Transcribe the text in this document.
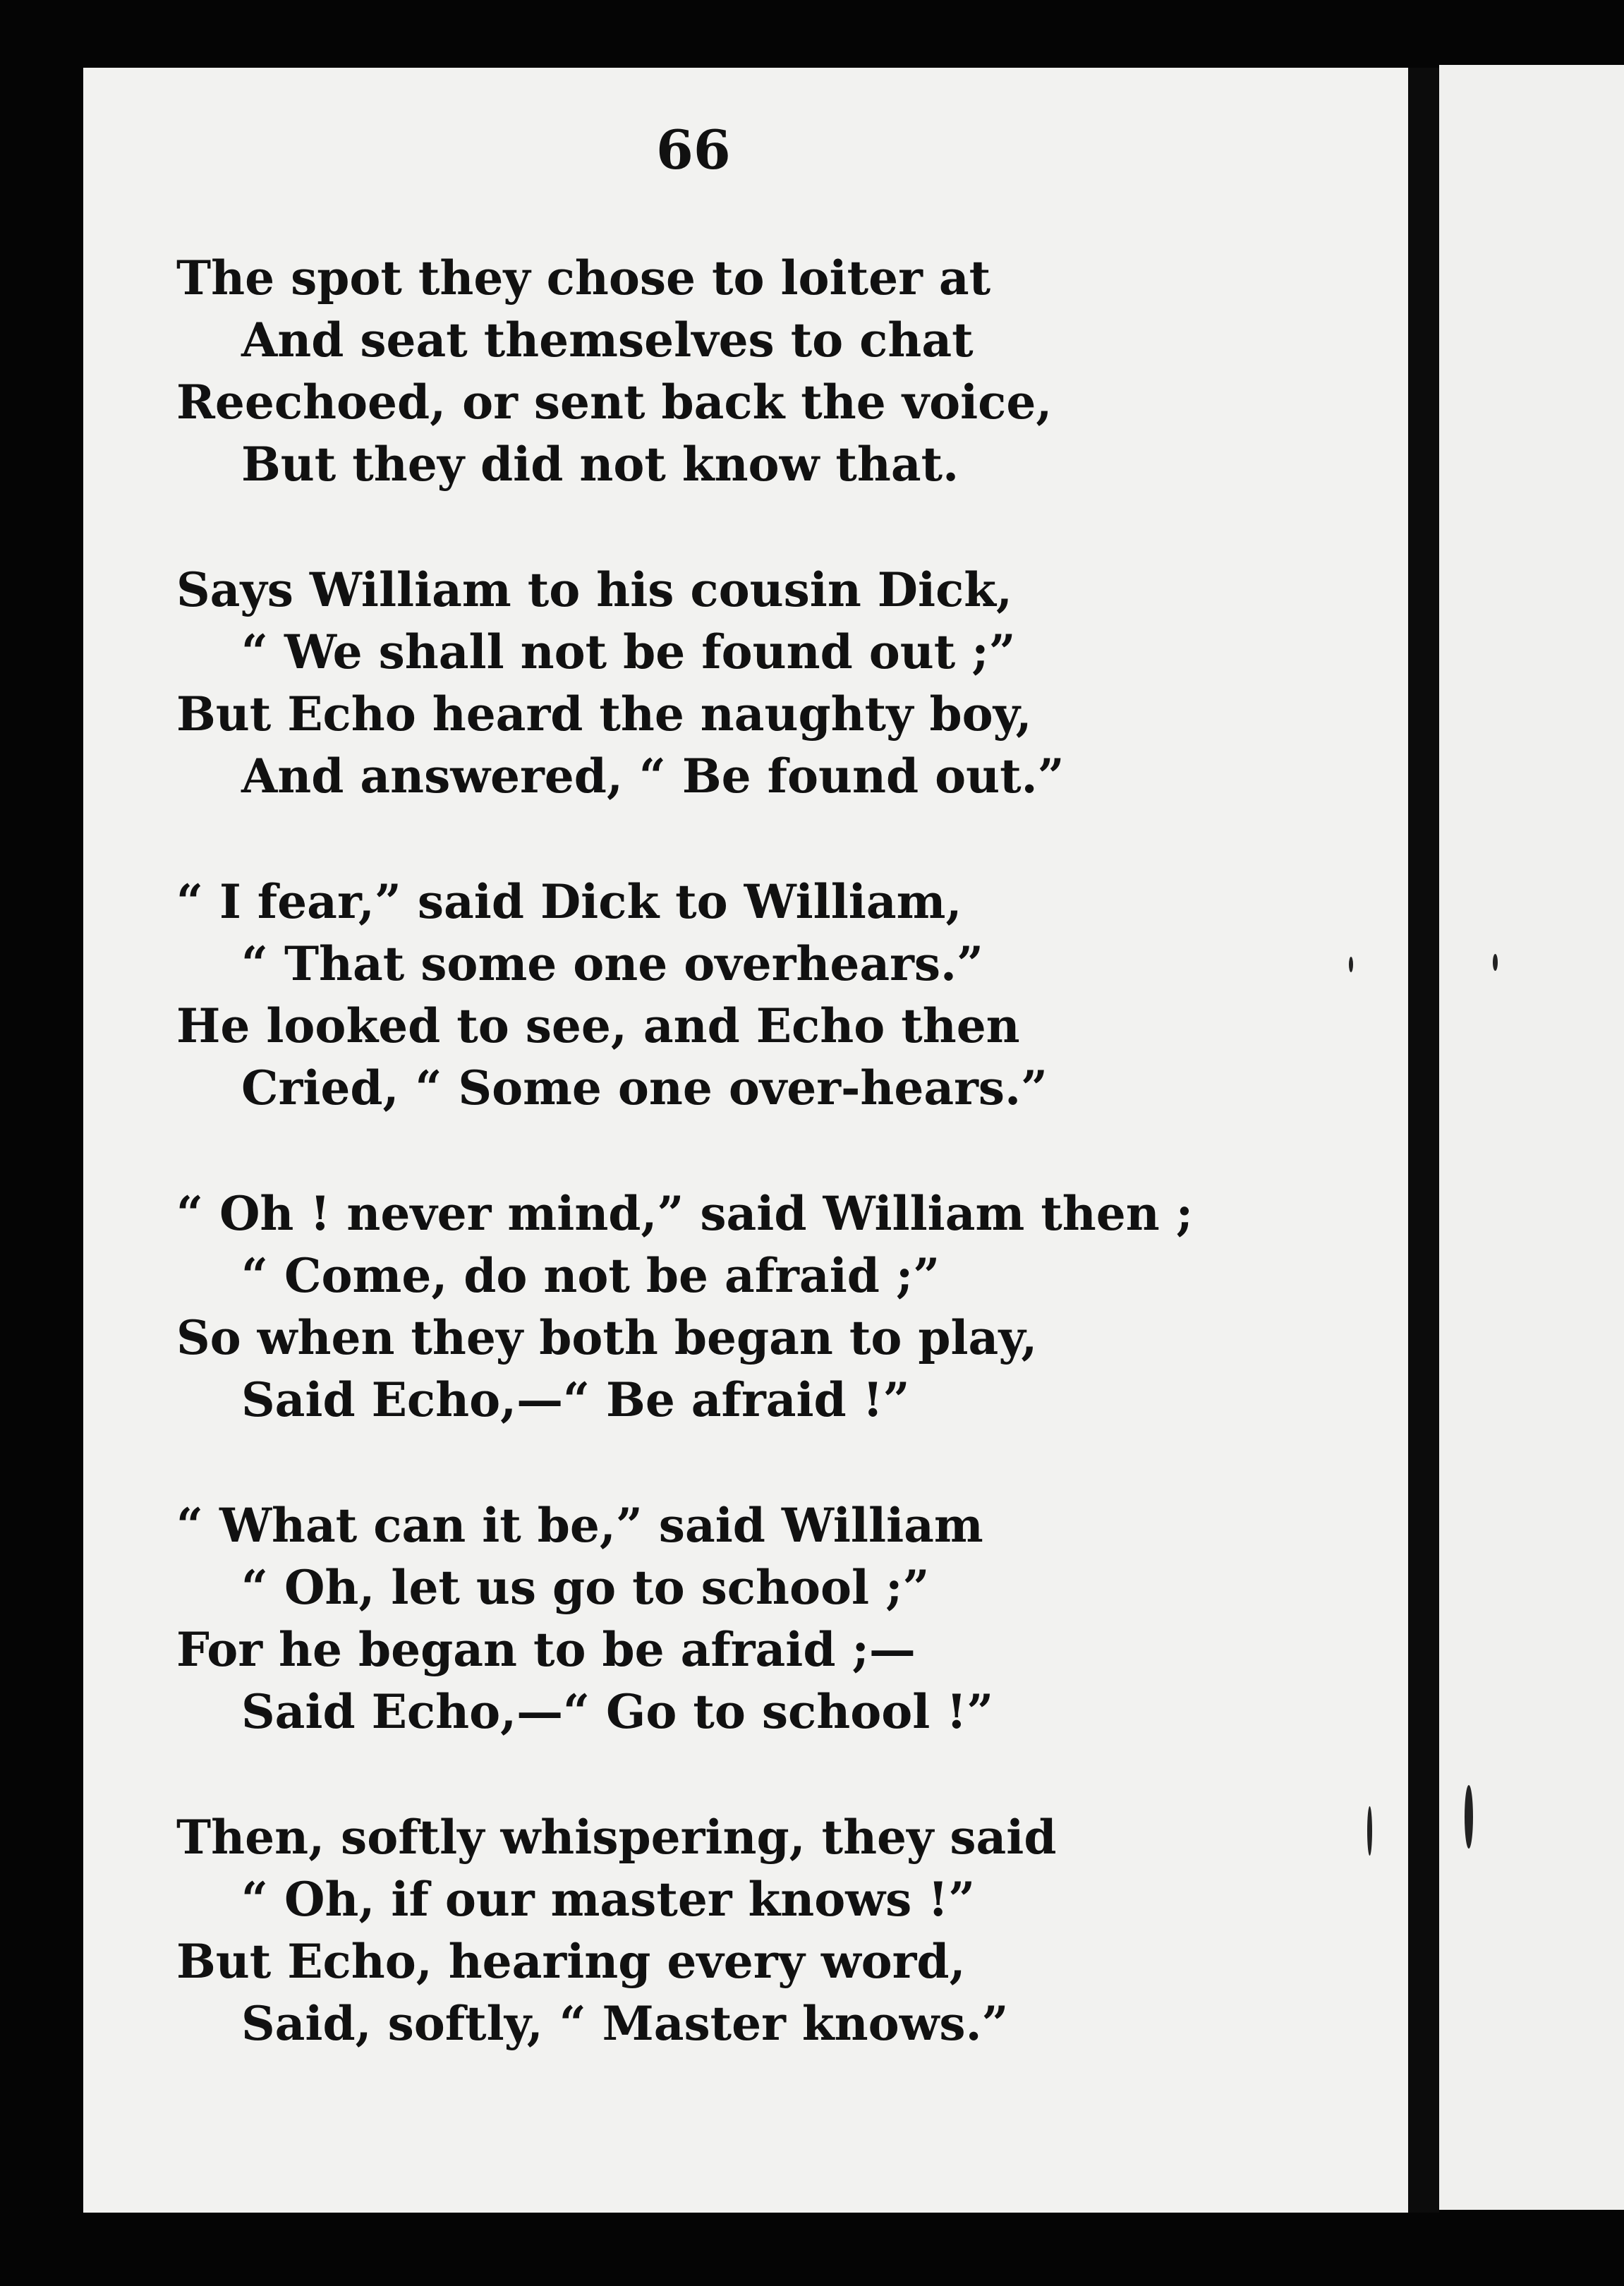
66
The spot they chose to loiter at
And seat themselves to chat
Reechoed, or sent back the voice,
But they did not know that.
Says William to his cousin Dick,
“ We shall not be found out ;”
But Echo heard the naughty boy,
And answered, “ Be found out.”
“ I fear,” said Dick to William,
“ That some one overhears.”
He looked to see, and Echo then
Cried, “ Some one over-hears.”
“ Oh ! never mind,” said William then ;
“ Come, do not be afraid ;”
So when they both began to play,
Said Echo,—“ Be afraid !”
“ What can it be,” said William
“ Oh, let us go to school ;”
For he began to be afraid ;—
Said Echo,—“ Go to school !”
Then, softly whispering, they said
“ Oh, if our master knows !”
But Echo, hearing every word,
Said, softly, “ Master knows.”
